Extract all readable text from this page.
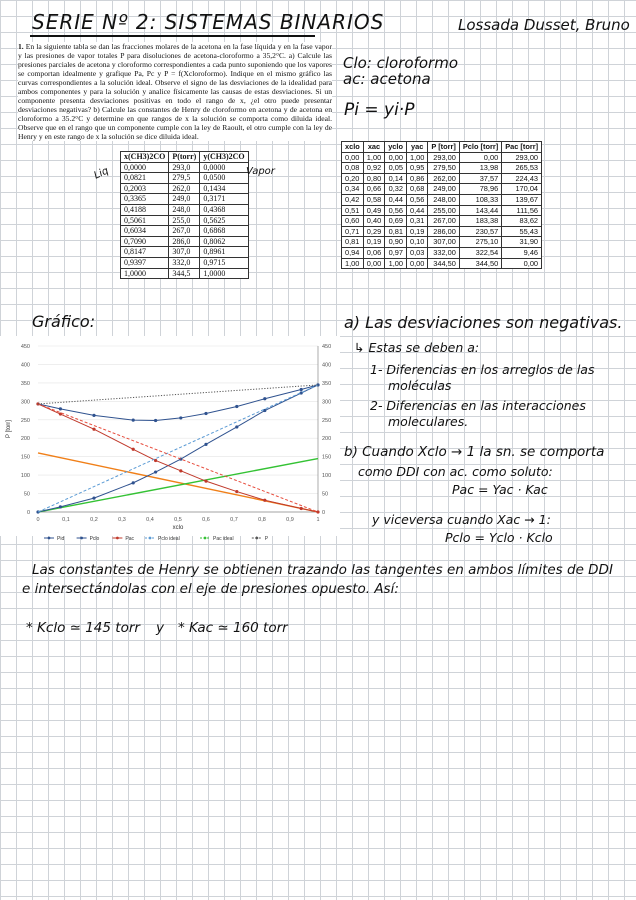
SERIE Nº 2: SISTEMAS BINARIOS	Lossada Dusset, Bruno
1. En la siguiente tabla se dan las fracciones molares de la acetona en la fase líquida y en la fase vapor y las presiones de vapor totales P para disoluciones de acetona-cloroformo a 35,2°C. a) Calcule las presiones parciales de acetona y cloroformo correspondientes a cada punto suponiendo que los vapores se comportan idealmente y grafique Pa, Pc y P = f(Xcloroformo). Indique en el mismo gráfico las curvas correspondientes a la solución ideal. Observe el signo de las desviaciones de la idealidad para ambos componentes y para la solución y analice físicamente las causas de estas desviaciones. Si un componente presenta desviaciones positivas en todo el rango de x, ¿el otro puede presentar desviaciones negativas? b) Calcule las constantes de Henry de cloroformo en acetona y de acetona en cloroformo a 35.2°C y determine en que rangos de x la solución se comporta como diluida ideal. Observe que en el rango que un componente cumple con la ley de Raoult, el otro cumple con la ley de Henry y en este rango de x la solución se dice diluida ideal.
x(CH3)2CO	P(torr)	y(CH3)2CO
0,0000	293,0	0,0000
0,0821	279,5	0,0500
0,2003	262,0	0,1434
0,3365	249,0	0,3171
0,4188	248,0	0,4368
0,5061	255,0	0,5625
0,6034	267,0	0,6868
0,7090	286,0	0,8062
0,8147	307,0	0,8961
0,9397	332,0	0,9715
1,0000	344,5	1,0000
Liq	Vapor
xclo	xac	yclo	yac	P [torr]	Pclo [torr]	Pac [torr]
0,00	1,00	0,00	1,00	293,00	0,00	293,00
0,08	0,92	0,05	0,95	279,50	13,98	265,53
0,20	0,80	0,14	0,86	262,00	37,57	224,43
0,34	0,66	0,32	0,68	249,00	78,96	170,04
0,42	0,58	0,44	0,56	248,00	108,33	139,67
0,51	0,49	0,56	0,44	255,00	143,44	111,56
0,60	0,40	0,69	0,31	267,00	183,38	83,62
0,71	0,29	0,81	0,19	286,00	230,57	55,43
0,81	0,19	0,90	0,10	307,00	275,10	31,90
0,94	0,06	0,97	0,03	332,00	322,54	9,46
1,00	0,00	1,00	0,00	344,50	344,50	0,00
Clo: cloroformo
ac: acetona
Pi = yi·P
Gráfico:
0	0
50	50
100	100
150	150
200	200
250	250
300	300
350	350
400	400
450	450
0	0,1	0,2	0,3	0,4	0,5	0,6	0,7	0,8	0,9	1
xclo
P [torr]
Pid	Pclo	Pac	Pclo ideal	Pac ideal	P
a) Las desviaciones son negativas.
↳ Estas se deben a:
1- Diferencias en los arreglos de las
moléculas
2- Diferencias en las interacciones
moleculares.
b) Cuando Xclo → 1 la sn. se comporta
como DDI con ac. como soluto:
Pac = Yac · Kac
y viceversa cuando Xac → 1:
Pclo = Yclo · Kclo
Las constantes de Henry se obtienen trazando las tangentes en ambos límites de DDI
e intersectándolas con el eje de presiones opuesto. Así:
* Kclo ≃ 145 torr y * Kac ≃ 160 torr
